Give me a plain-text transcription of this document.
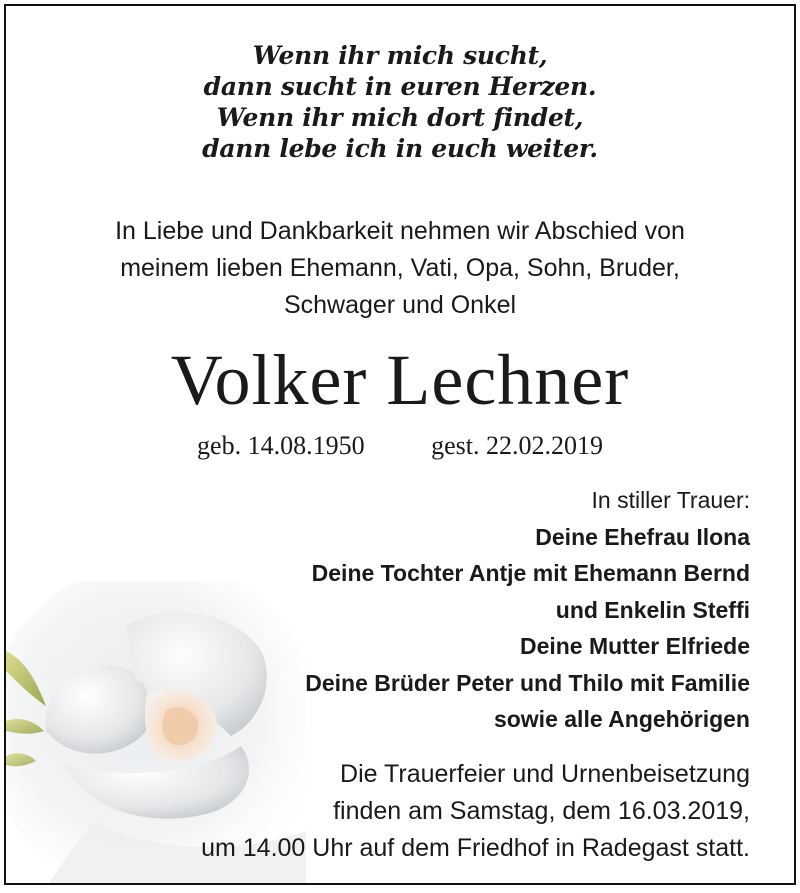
Wenn ihr mich sucht,
dann sucht in euren Herzen.
Wenn ihr mich dort findet,
dann lebe ich in euch weiter.
In Liebe und Dankbarkeit nehmen wir Abschied von
meinem lieben Ehemann, Vati, Opa, Sohn, Bruder,
Schwager und Onkel
Volker Lechner
geb. 14.08.1950	gest. 22.02.2019
In stiller Trauer:
Deine Ehefrau Ilona
Deine Tochter Antje mit Ehemann Bernd
und Enkelin Steffi
Deine Mutter Elfriede
Deine Brüder Peter und Thilo mit Familie
sowie alle Angehörigen
Die Trauerfeier und Urnenbeisetzung
finden am Samstag, dem 16.03.2019,
um 14.00 Uhr auf dem Friedhof in Radegast statt.
